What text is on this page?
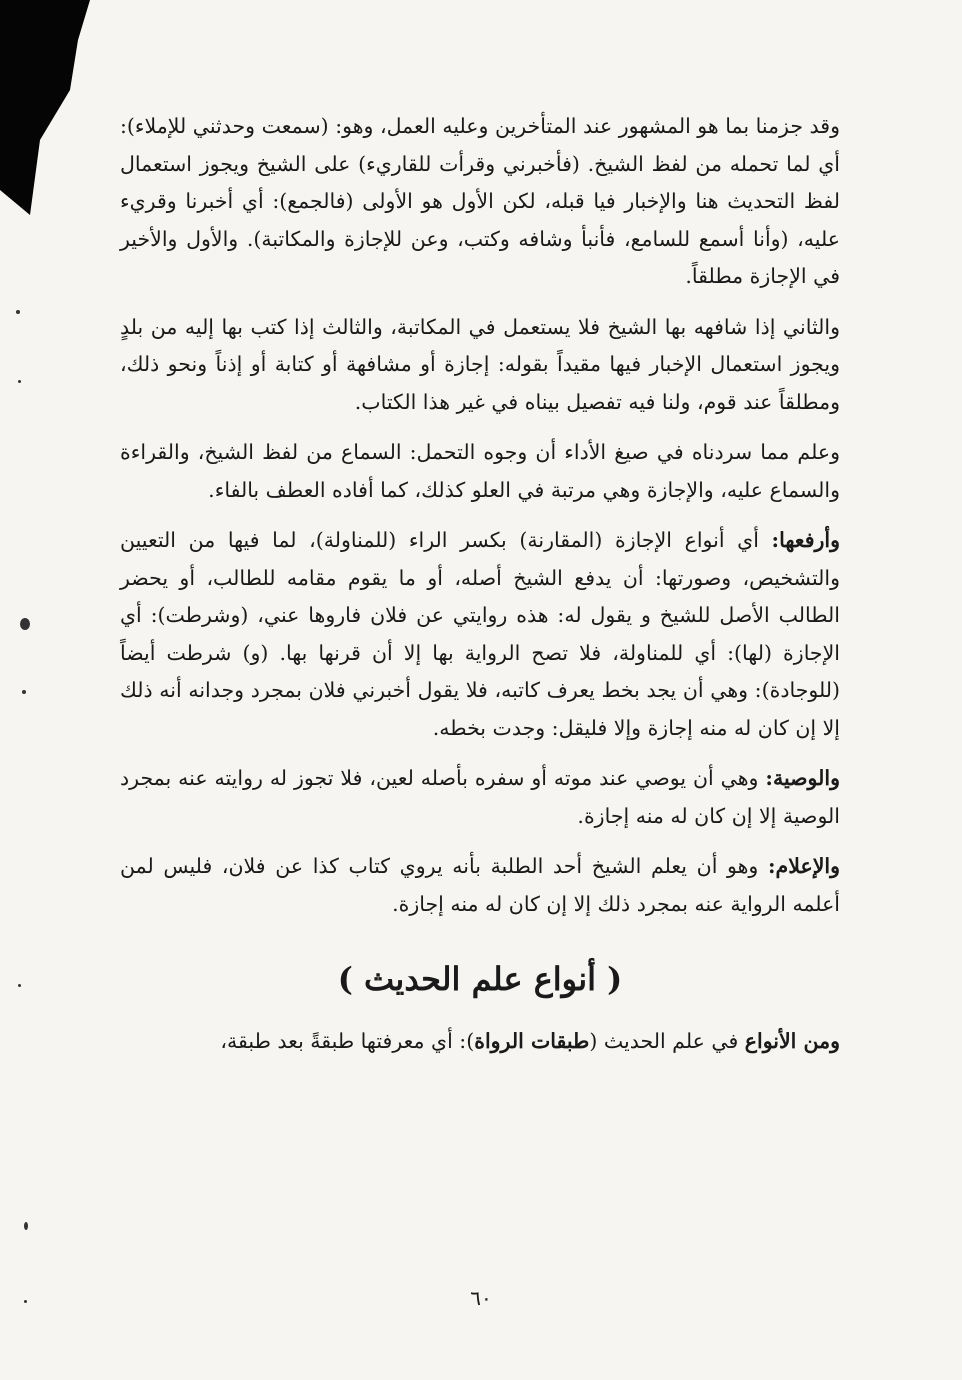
وقد جزمنا بما هو المشهور عند المتأخرين وعليه العمل، وهو: (سمعت وحدثني للإملاء): أي لما تحمله من لفظ الشيخ. (فأخبرني وقرأت للقاريء) على الشيخ ويجوز استعمال لفظ التحديث هنا والإخبار فيا قبله، لكن الأول هو الأولى (فالجمع): أي أخبرنا وقريء عليه، (وأنا أسمع للسامع، فأنبأ وشافه وكتب، وعن للإجازة والمكاتبة). والأول والأخير في الإجازة مطلقاً.

والثاني إذا شافهه بها الشيخ فلا يستعمل في المكاتبة، والثالث إذا كتب بها إليه من بلدٍ ويجوز استعمال الإخبار فيها مقيداً بقوله: إجازة أو مشافهة أو كتابة أو إذناً ونحو ذلك، ومطلقاً عند قوم، ولنا فيه تفصيل بيناه في غير هذا الكتاب.

وعلم مما سردناه في صيغ الأداء أن وجوه التحمل: السماع من لفظ الشيخ، والقراءة والسماع عليه، والإجازة وهي مرتبة في العلو كذلك، كما أفاده العطف بالفاء.

وأرفعها: أي أنواع الإجازة (المقارنة) بكسر الراء (للمناولة)، لما فيها من التعيين والتشخيص، وصورتها: أن يدفع الشيخ أصله، أو ما يقوم مقامه للطالب، أو يحضر الطالب الأصل للشيخ و يقول له: هذه روايتي عن فلان فاروها عني، (وشرطت): أي الإجازة (لها): أي للمناولة، فلا تصح الرواية بها إلا أن قرنها بها. (و) شرطت أيضاً (للوجادة): وهي أن يجد بخط يعرف كاتبه، فلا يقول أخبرني فلان بمجرد وجدانه أنه ذلك إلا إن كان له منه إجازة وإلا فليقل: وجدت بخطه.

والوصية: وهي أن يوصي عند موته أو سفره بأصله لعين، فلا تجوز له روايته عنه بمجرد الوصية إلا إن كان له منه إجازة.

والإعلام: وهو أن يعلم الشيخ أحد الطلبة بأنه يروي كتاب كذا عن فلان، فليس لمن أعلمه الرواية عنه بمجرد ذلك إلا إن كان له منه إجازة.

( أنواع علم الحديث )

ومن الأنواع في علم الحديث (طبقات الرواة): أي معرفتها طبقةً بعد طبقة،

٦٠
